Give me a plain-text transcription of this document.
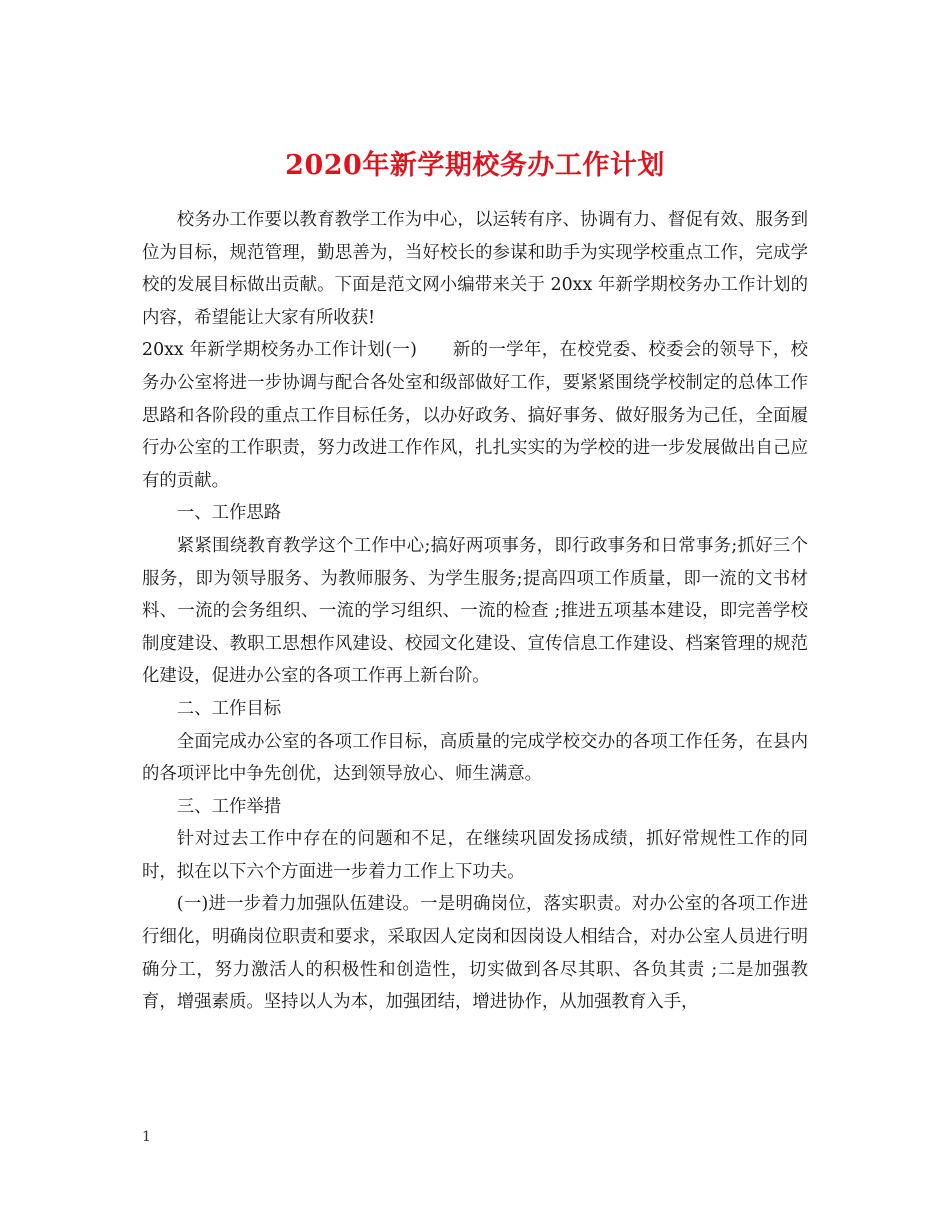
2020年新学期校务办工作计划

校务办工作要以教育教学工作为中心，以运转有序、协调有力、督促有效、服务到位为目标，规范管理，勤思善为，当好校长的参谋和助手为实现学校重点工作，完成学校的发展目标做出贡献。下面是范文网小编带来关于 20xx 年新学期校务办工作计划的内容，希望能让大家有所收获!

20xx 年新学期校务办工作计划(一)　　新的一学年，在校党委、校委会的领导下，校务办公室将进一步协调与配合各处室和级部做好工作，要紧紧围绕学校制定的总体工作思路和各阶段的重点工作目标任务，以办好政务、搞好事务、做好服务为己任，全面履行办公室的工作职责，努力改进工作作风，扎扎实实的为学校的进一步发展做出自己应有的贡献。

一、工作思路

紧紧围绕教育教学这个工作中心;搞好两项事务，即行政事务和日常事务;抓好三个服务，即为领导服务、为教师服务、为学生服务;提高四项工作质量，即一流的文书材料、一流的会务组织、一流的学习组织、一流的检查 ;推进五项基本建设，即完善学校制度建设、教职工思想作风建设、校园文化建设、宣传信息工作建设、档案管理的规范化建设，促进办公室的各项工作再上新台阶。

二、工作目标

全面完成办公室的各项工作目标，高质量的完成学校交办的各项工作任务，在县内的各项评比中争先创优，达到领导放心、师生满意。

三、工作举措

针对过去工作中存在的问题和不足，在继续巩固发扬成绩，抓好常规性工作的同时，拟在以下六个方面进一步着力工作上下功夫。

(一)进一步着力加强队伍建设。一是明确岗位，落实职责。对办公室的各项工作进行细化，明确岗位职责和要求，采取因人定岗和因岗设人相结合，对办公室人员进行明确分工，努力激活人的积极性和创造性，切实做到各尽其职、各负其责 ;二是加强教育，增强素质。坚持以人为本，加强团结，增进协作，从加强教育入手，

1
